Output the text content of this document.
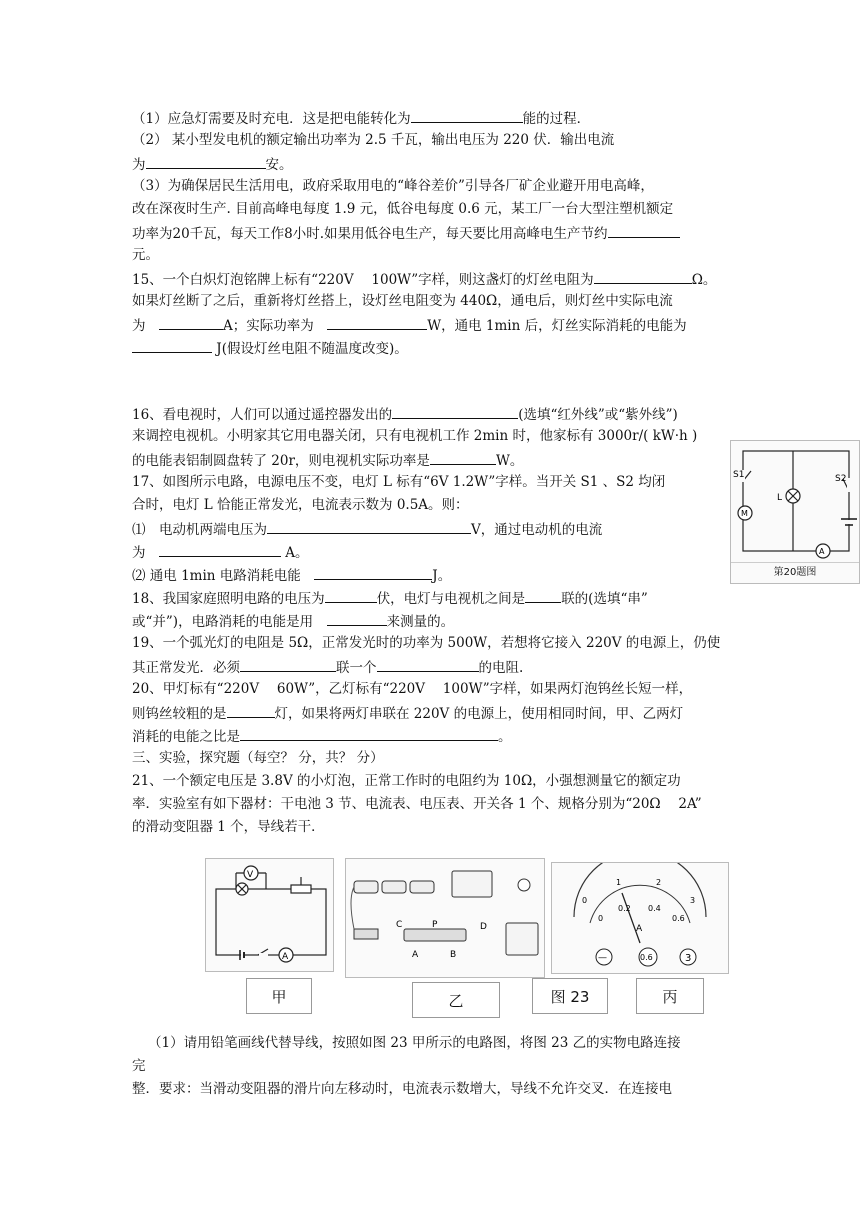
（1）应急灯需要及时充电．这是把电能转化为	能的过程．
（2） 某小型发电机的额定输出功率为 2.5 千瓦，输出电压为 220 伏．输出电流
为	安。
（3）为确保居民生活用电，政府采取用电的“峰谷差价”引导各厂矿企业避开用电高峰，
改在深夜时生产. 目前高峰电每度 1.9 元，低谷电每度 0.6 元，某工厂一台大型注塑机额定
功率为20千瓦，每天工作8小时.如果用低谷电生产，每天要比用高峰电生产节约
元。
15、一个白炽灯泡铭牌上标有“220V　 100W”字样，则这盏灯的灯丝电阻为	Ω。
如果灯丝断了之后，重新将灯丝搭上，设灯丝电阻变为 440Ω，通电后，则灯丝中实际电流
为　	A；实际功率为　	W，通电 1min 后，灯丝实际消耗的电能为
J(假设灯丝电阻不随温度改变)。
16、看电视时，人们可以通过遥控器发出的	(选填“红外线”或“紫外线”)
来调控电视机。小明家其它用电器关闭，只有电视机工作 2min 时，他家标有 3000r/( kW·h )
的电能表铝制圆盘转了 20r，则电视机实际功率是	W。
17、如图所示电路，电源电压不变，电灯 L 标有“6V 1.2W”字样。当开关 S1 、S2 均闭
合时，电灯 L 恰能正常发光，电流表示数为 0.5A。则：
⑴　电动机两端电压为	V，通过电动机的电流
为　	A。
⑵ 通电 1min 电路消耗电能　	J。
18、我国家庭照明电路的电压为	伏，电灯与电视机之间是	联的(选填“串”
或“并”)，电路消耗的电能是用　	来测量的。
19、一个弧光灯的电阻是 5Ω，正常发光时的功率为 500W，若想将它接入 220V 的电源上，仍使
其正常发光．必须	联一个	的电阻.
20、甲灯标有“220V　 60W”，乙灯标有“220V　 100W”字样，如果两灯泡钨丝长短一样，
则钨丝较粗的是	灯，如果将两灯串联在 220V 的电源上，使用相同时间，甲、乙两灯
消耗的电能之比是	。
三、实验，探究题（每空？ 分，共？ 分）
21、一个额定电压是 3.8V 的小灯泡，正常工作时的电阻约为 10Ω，小强想测量它的额定功
率．实验室有如下器材：干电池 3 节、电流表、电压表、开关各 1 个、规格分别为“20Ω　 2A”
的滑动变阻器 1 个，导线若干．
（1）请用铅笔画线代替导线，按照如图 23 甲所示的电路图，将图 23 乙的实物电路连接
完
整．要求：当滑动变阻器的滑片向左移动时，电流表示数增大，导线不允许交叉．在连接电
S1	S2
L
M
A
第20题图
V
A
C	P	D
A	B
0
1	2
3
0
0.2 0.4
0.6
A
—	0.6	3
甲	乙	图 23	丙
